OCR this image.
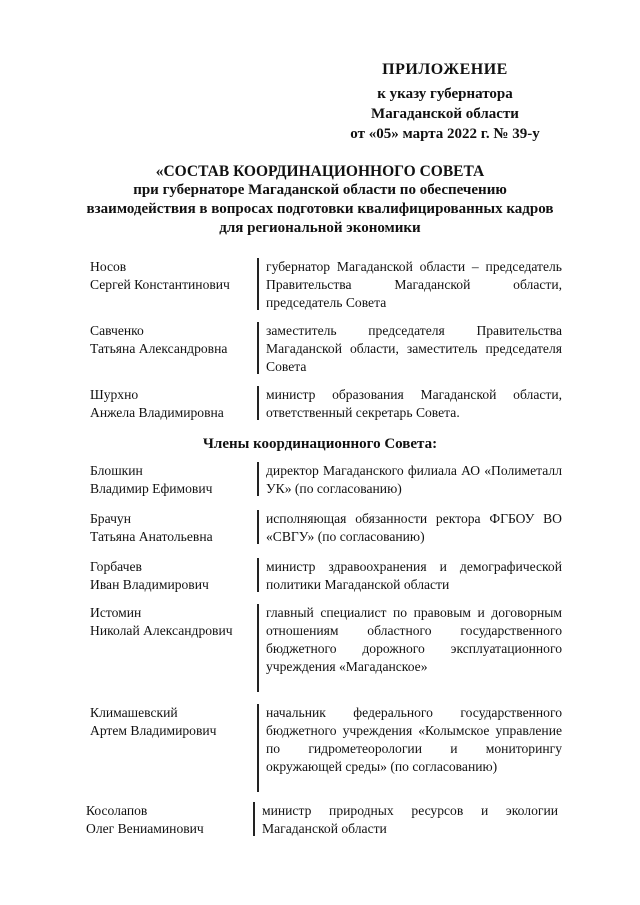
ПРИЛОЖЕНИЕ
к указу губернатора
Магаданской области
от «05» марта 2022 г. № 39-у
«СОСТАВ КООРДИНАЦИОННОГО СОВЕТА
при губернаторе Магаданской области по обеспечению
взаимодействия в вопросах подготовки квалифицированных кадров
для региональной экономики
Носов
Сергей Константинович
губернатор Магаданской области – председатель Правительства Магаданской области, председатель Совета
Савченко
Татьяна Александровна
заместитель председателя Правительства Магаданской области, заместитель председателя Совета
Шурхно
Анжела Владимировна
министр образования Магаданской области, ответственный секретарь Совета.
Члены координационного Совета:
Блошкин
Владимир Ефимович
директор Магаданского филиала АО «Полиметалл УК» (по согласованию)
Брачун
Татьяна Анатольевна
исполняющая обязанности ректора ФГБОУ ВО «СВГУ» (по согласованию)
Горбачев
Иван Владимирович
министр здравоохранения и демографической политики Магаданской области
Истомин
Николай Александрович
главный специалист по правовым и договорным отношениям областного государственного бюджетного дорожного эксплуатационного учреждения «Магаданское»
Климашевский
Артем Владимирович
начальник федерального государственного бюджетного учреждения «Колымское управление по гидрометеорологии и мониторингу окружающей среды» (по согласованию)
Косолапов
Олег Вениаминович
министр природных ресурсов и экологии Магаданской области
